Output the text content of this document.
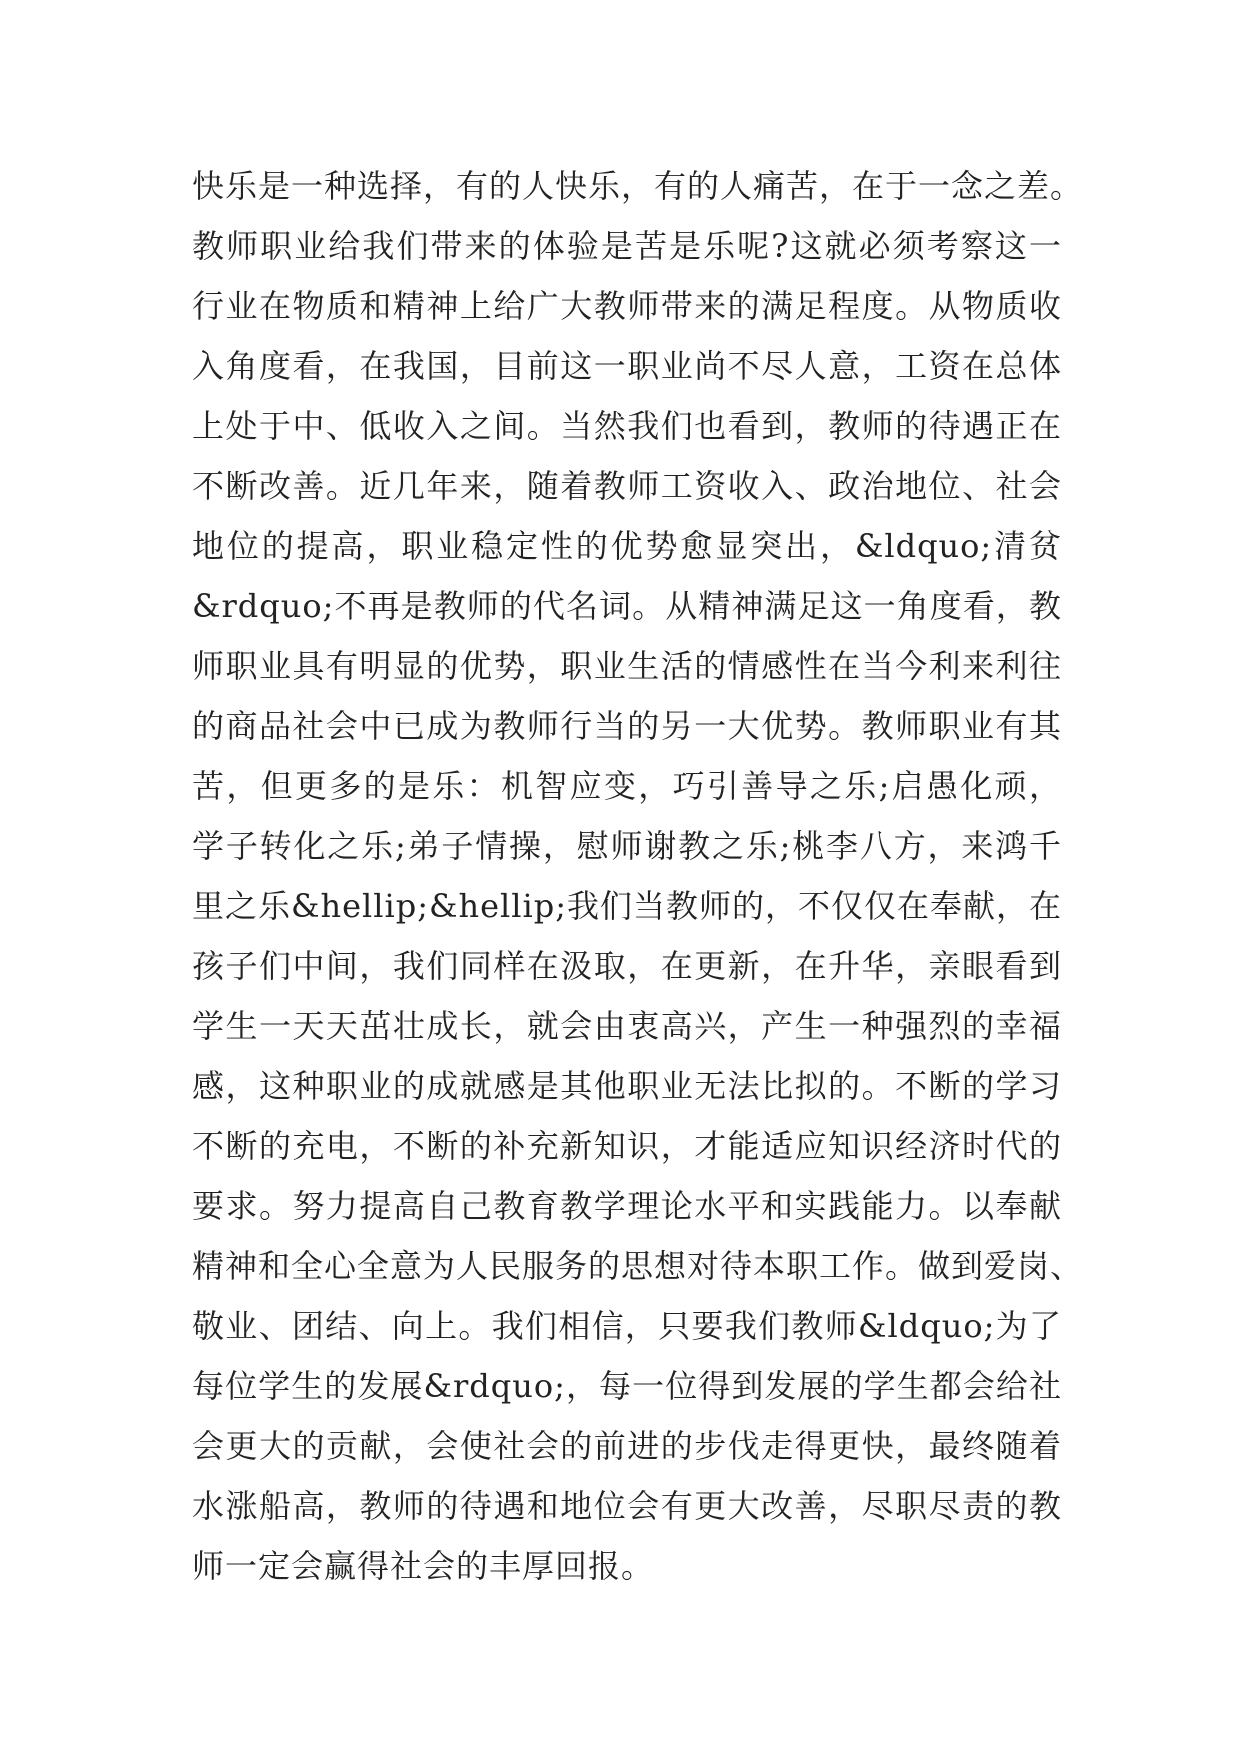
快乐是一种选择，有的人快乐，有的人痛苦，在于一念之差。
教师职业给我们带来的体验是苦是乐呢?这就必须考察这一
行业在物质和精神上给广大教师带来的满足程度。从物质收
入角度看，在我国，目前这一职业尚不尽人意，工资在总体
上处于中、低收入之间。当然我们也看到，教师的待遇正在
不断改善。近几年来，随着教师工资收入、政治地位、社会
地位的提高，职业稳定性的优势愈显突出，&ldquo;清贫
&rdquo;不再是教师的代名词。从精神满足这一角度看，教
师职业具有明显的优势，职业生活的情感性在当今利来利往
的商品社会中已成为教师行当的另一大优势。教师职业有其
苦，但更多的是乐：机智应变，巧引善导之乐;启愚化顽，
学子转化之乐;弟子情操，慰师谢教之乐;桃李八方，来鸿千
里之乐&hellip;&hellip;我们当教师的，不仅仅在奉献，在
孩子们中间，我们同样在汲取，在更新，在升华，亲眼看到
学生一天天茁壮成长，就会由衷高兴，产生一种强烈的幸福
感，这种职业的成就感是其他职业无法比拟的。不断的学习
不断的充电，不断的补充新知识，才能适应知识经济时代的
要求。努力提高自己教育教学理论水平和实践能力。以奉献
精神和全心全意为人民服务的思想对待本职工作。做到爱岗、
敬业、团结、向上。我们相信，只要我们教师&ldquo;为了
每位学生的发展&rdquo;，每一位得到发展的学生都会给社
会更大的贡献，会使社会的前进的步伐走得更快，最终随着
水涨船高，教师的待遇和地位会有更大改善，尽职尽责的教
师一定会赢得社会的丰厚回报。
